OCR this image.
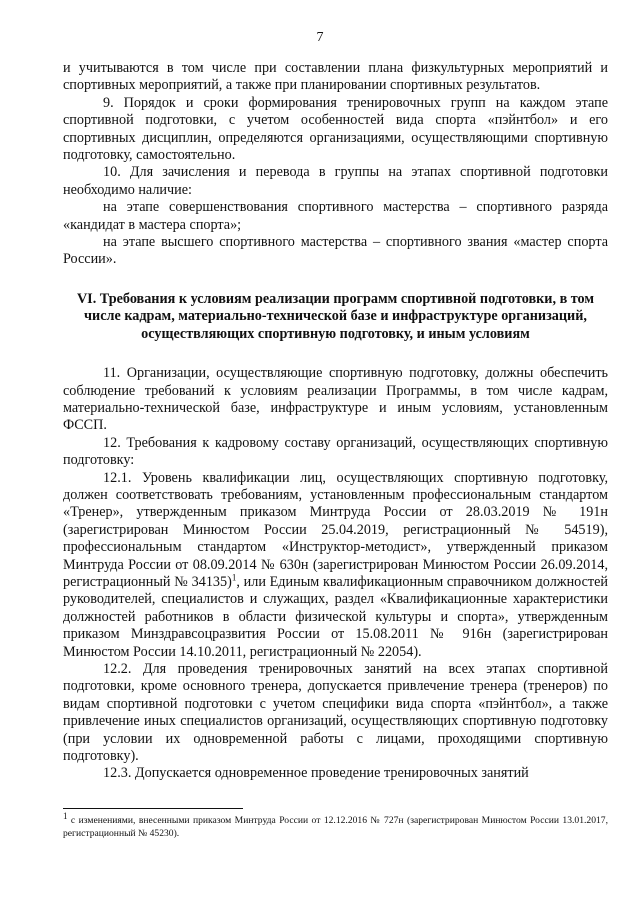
7

и учитываются в том числе при составлении плана физкультурных мероприятий и спортивных мероприятий, а также при планировании спортивных результатов.

9. Порядок и сроки формирования тренировочных групп на каждом этапе спортивной подготовки, с учетом особенностей вида спорта «пэйнтбол» и его спортивных дисциплин, определяются организациями, осуществляющими спортивную подготовку, самостоятельно.

10. Для зачисления и перевода в группы на этапах спортивной подготовки необходимо наличие:

на этапе совершенствования спортивного мастерства – спортивного разряда «кандидат в мастера спорта»;

на этапе высшего спортивного мастерства – спортивного звания «мастер спорта России».

VI. Требования к условиям реализации программ спортивной подготовки, в том числе кадрам, материально-технической базе и инфраструктуре организаций, осуществляющих спортивную подготовку, и иным условиям

11. Организации, осуществляющие спортивную подготовку, должны обеспечить соблюдение требований к условиям реализации Программы, в том числе кадрам, материально-технической базе, инфраструктуре и иным условиям, установленным ФССП.

12. Требования к кадровому составу организаций, осуществляющих спортивную подготовку:

12.1. Уровень квалификации лиц, осуществляющих спортивную подготовку, должен соответствовать требованиям, установленным профессиональным стандартом «Тренер», утвержденным приказом Минтруда России от 28.03.2019 № 191н (зарегистрирован Минюстом России 25.04.2019, регистрационный № 54519), профессиональным стандартом «Инструктор-методист», утвержденный приказом Минтруда России от 08.09.2014 № 630н (зарегистрирован Минюстом России 26.09.2014, регистрационный № 34135)$^1$, или Единым квалификационным справочником должностей руководителей, специалистов и служащих, раздел «Квалификационные характеристики должностей работников в области физической культуры и спорта», утвержденным приказом Минздравсоцразвития России от 15.08.2011 № 916н (зарегистрирован Минюстом России 14.10.2011, регистрационный № 22054).

12.2. Для проведения тренировочных занятий на всех этапах спортивной подготовки, кроме основного тренера, допускается привлечение тренера (тренеров) по видам спортивной подготовки с учетом специфики вида спорта «пэйнтбол», а также привлечение иных специалистов организаций, осуществляющих спортивную подготовку (при условии их одновременной работы с лицами, проходящими спортивную подготовку).

12.3. Допускается одновременное проведение тренировочных занятий

$^1$ с изменениями, внесенными приказом Минтруда России от 12.12.2016 № 727н (зарегистрирован Минюстом России 13.01.2017, регистрационный № 45230).
